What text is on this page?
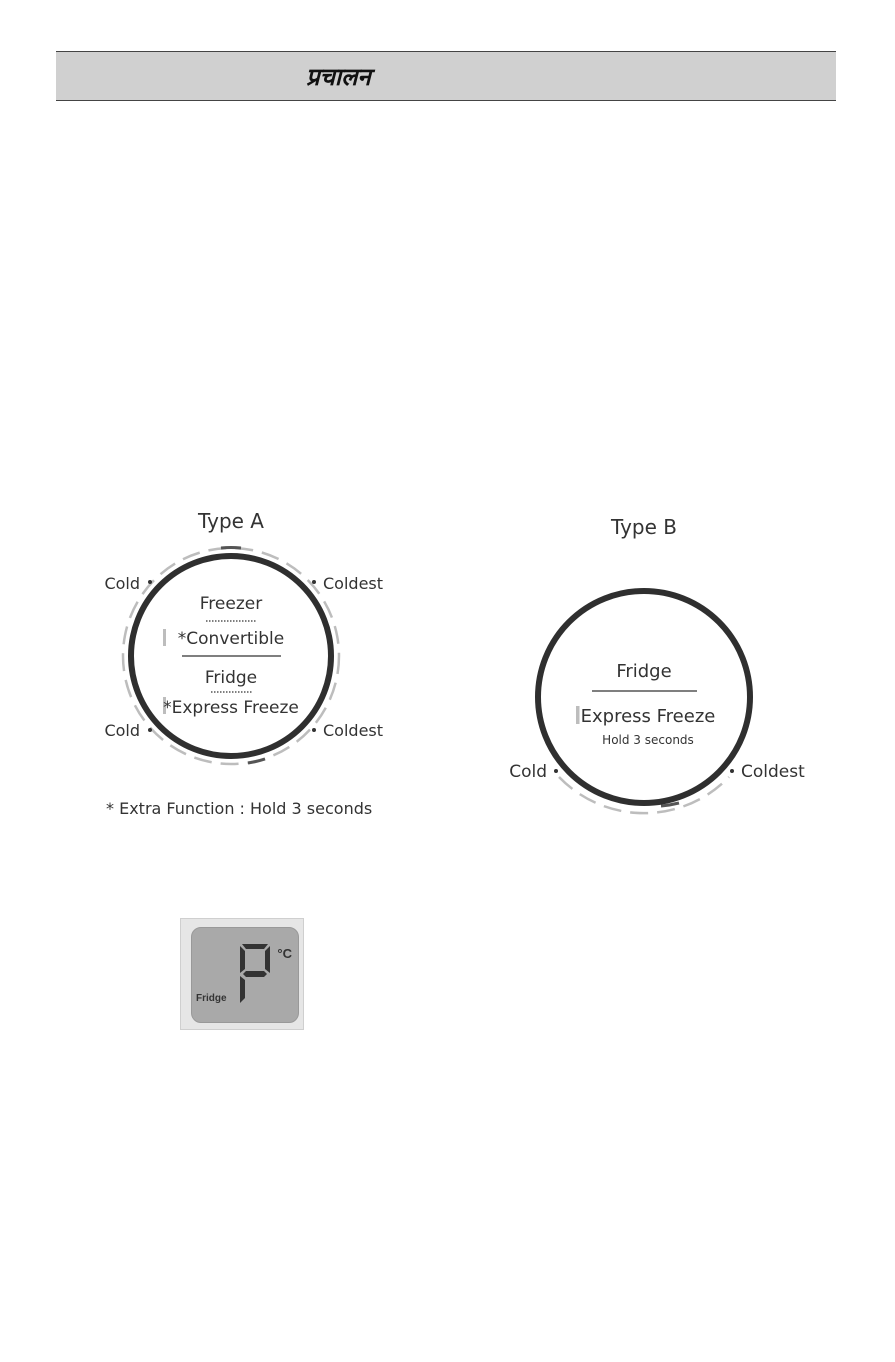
प्रचालन
Type A
Cold	Coldest
Cold	Coldest
Freezer
*Convertible
Fridge
*Express Freeze
* Extra Function : Hold 3 seconds
Type B
Cold	Coldest
Fridge
Express Freeze
Hold 3 seconds
Fridge
°C
